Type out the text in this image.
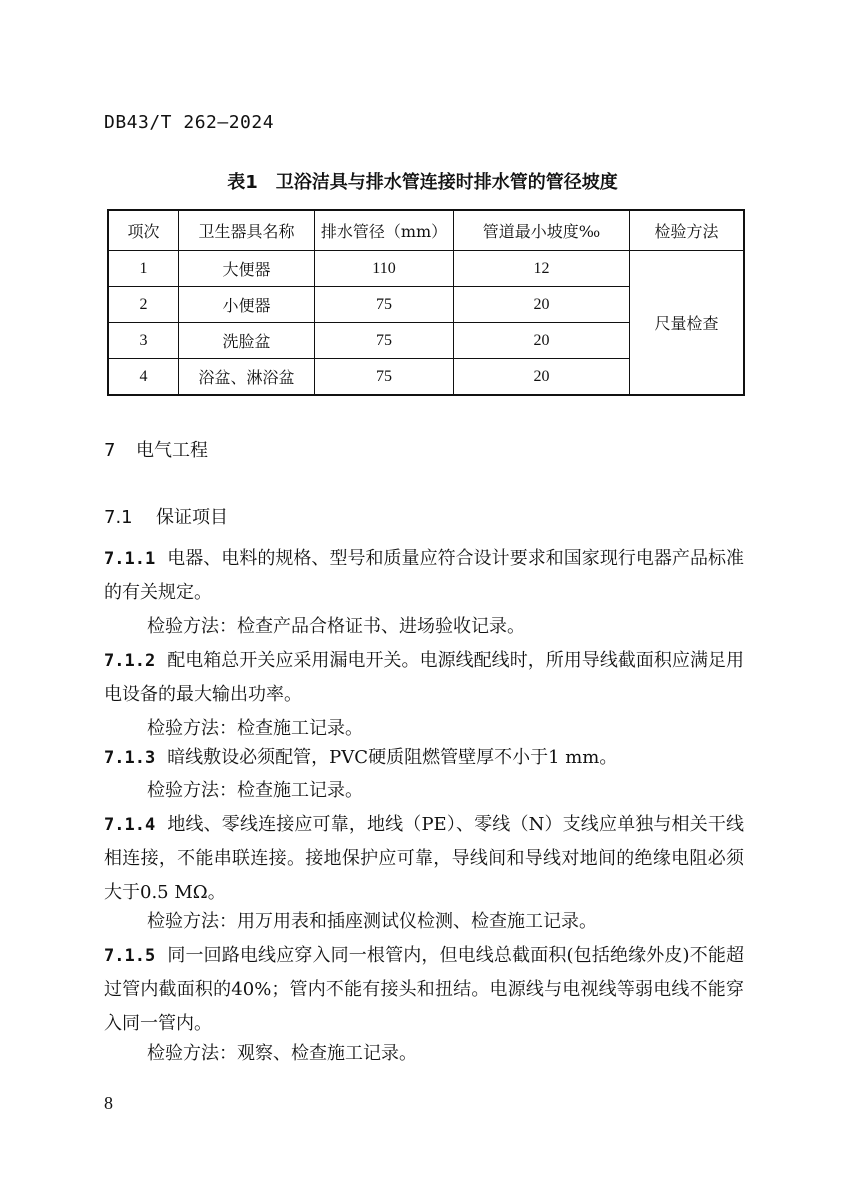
DB43/T 262—2024
表1　卫浴洁具与排水管连接时排水管的管径坡度
项次	卫生器具名称	排水管径（mm）	管道最小坡度‰	检验方法
1	大便器	110	12	尺量检查
2	小便器	75	20	
3	洗脸盆	75	20	
4	浴盆、淋浴盆	75	20	
7 电气工程
7.1 保证项目
7.1.1 电器、电料的规格、型号和质量应符合设计要求和国家现行电器产品标准的有关规定。
检验方法：检查产品合格证书、进场验收记录。
7.1.2 配电箱总开关应采用漏电开关。电源线配线时，所用导线截面积应满足用电设备的最大输出功率。
检验方法：检查施工记录。
7.1.3 暗线敷设必须配管，PVC硬质阻燃管壁厚不小于1 mm。
检验方法：检查施工记录。
7.1.4 地线、零线连接应可靠，地线（PE）、零线（N）支线应单独与相关干线相连接，不能串联连接。接地保护应可靠，导线间和导线对地间的绝缘电阻必须大于0.5 MΩ。
检验方法：用万用表和插座测试仪检测、检查施工记录。
7.1.5 同一回路电线应穿入同一根管内，但电线总截面积(包括绝缘外皮)不能超过管内截面积的40%；管内不能有接头和扭结。电源线与电视线等弱电线不能穿入同一管内。
检验方法：观察、检查施工记录。
8
